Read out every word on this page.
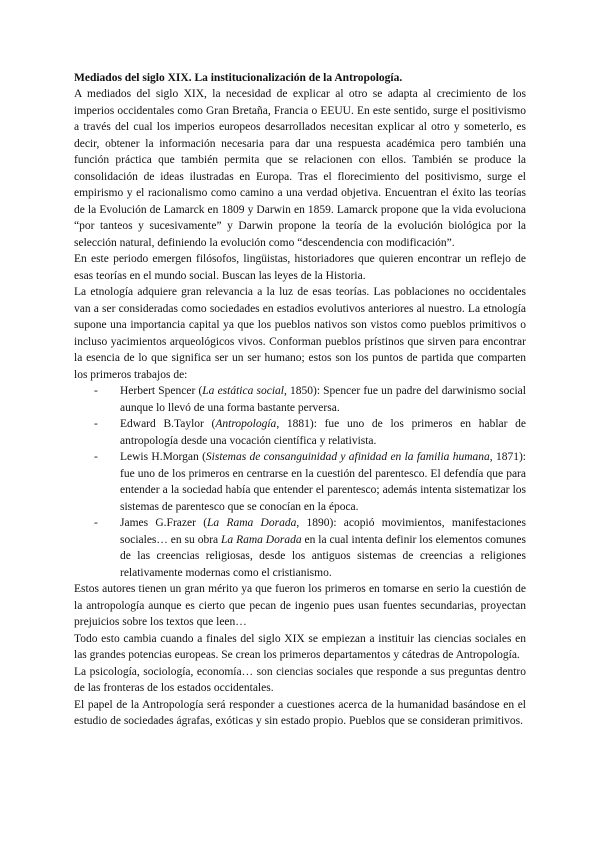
Mediados del siglo XIX. La institucionalización de la Antropología.

A mediados del siglo XIX, la necesidad de explicar al otro se adapta al crecimiento de los imperios occidentales como Gran Bretaña, Francia o EEUU. En este sentido, surge el positivismo a través del cual los imperios europeos desarrollados necesitan explicar al otro y someterlo, es decir, obtener la información necesaria para dar una respuesta académica pero también una función práctica que también permita que se relacionen con ellos. También se produce la consolidación de ideas ilustradas en Europa. Tras el florecimiento del positivismo, surge el empirismo y el racionalismo como camino a una verdad objetiva. Encuentran el éxito las teorías de la Evolución de Lamarck en 1809 y Darwin en 1859. Lamarck propone que la vida evoluciona “por tanteos y sucesivamente” y Darwin propone la teoría de la evolución biológica por la selección natural, definiendo la evolución como “descendencia con modificación”.

En este periodo emergen filósofos, lingüistas, historiadores que quieren encontrar un reflejo de esas teorías en el mundo social. Buscan las leyes de la Historia.

La etnología adquiere gran relevancia a la luz de esas teorías. Las poblaciones no occidentales van a ser consideradas como sociedades en estadios evolutivos anteriores al nuestro. La etnología supone una importancia capital ya que los pueblos nativos son vistos como pueblos primitivos o incluso yacimientos arqueológicos vivos. Conforman pueblos prístinos que sirven para encontrar la esencia de lo que significa ser un ser humano; estos son los puntos de partida que comparten los primeros trabajos de:

- Herbert Spencer (La estática social, 1850): Spencer fue un padre del darwinismo social aunque lo llevó de una forma bastante perversa.
- Edward B.Taylor (Antropología, 1881): fue uno de los primeros en hablar de antropología desde una vocación científica y relativista.
- Lewis H.Morgan (Sistemas de consanguinidad y afinidad en la familia humana, 1871): fue uno de los primeros en centrarse en la cuestión del parentesco. El defendía que para entender a la sociedad había que entender el parentesco; además intenta sistematizar los sistemas de parentesco que se conocían en la época.
- James G.Frazer (La Rama Dorada, 1890): acopió movimientos, manifestaciones sociales… en su obra La Rama Dorada en la cual intenta definir los elementos comunes de las creencias religiosas, desde los antiguos sistemas de creencias a religiones relativamente modernas como el cristianismo.

Estos autores tienen un gran mérito ya que fueron los primeros en tomarse en serio la cuestión de la antropología aunque es cierto que pecan de ingenio pues usan fuentes secundarias, proyectan prejuicios sobre los textos que leen…

Todo esto cambia cuando a finales del siglo XIX se empiezan a instituir las ciencias sociales en las grandes potencias europeas. Se crean los primeros departamentos y cátedras de Antropología.

La psicología, sociología, economía… son ciencias sociales que responde a sus preguntas dentro de las fronteras de los estados occidentales.

El papel de la Antropología será responder a cuestiones acerca de la humanidad basándose en el estudio de sociedades ágrafas, exóticas y sin estado propio. Pueblos que se consideran primitivos.
